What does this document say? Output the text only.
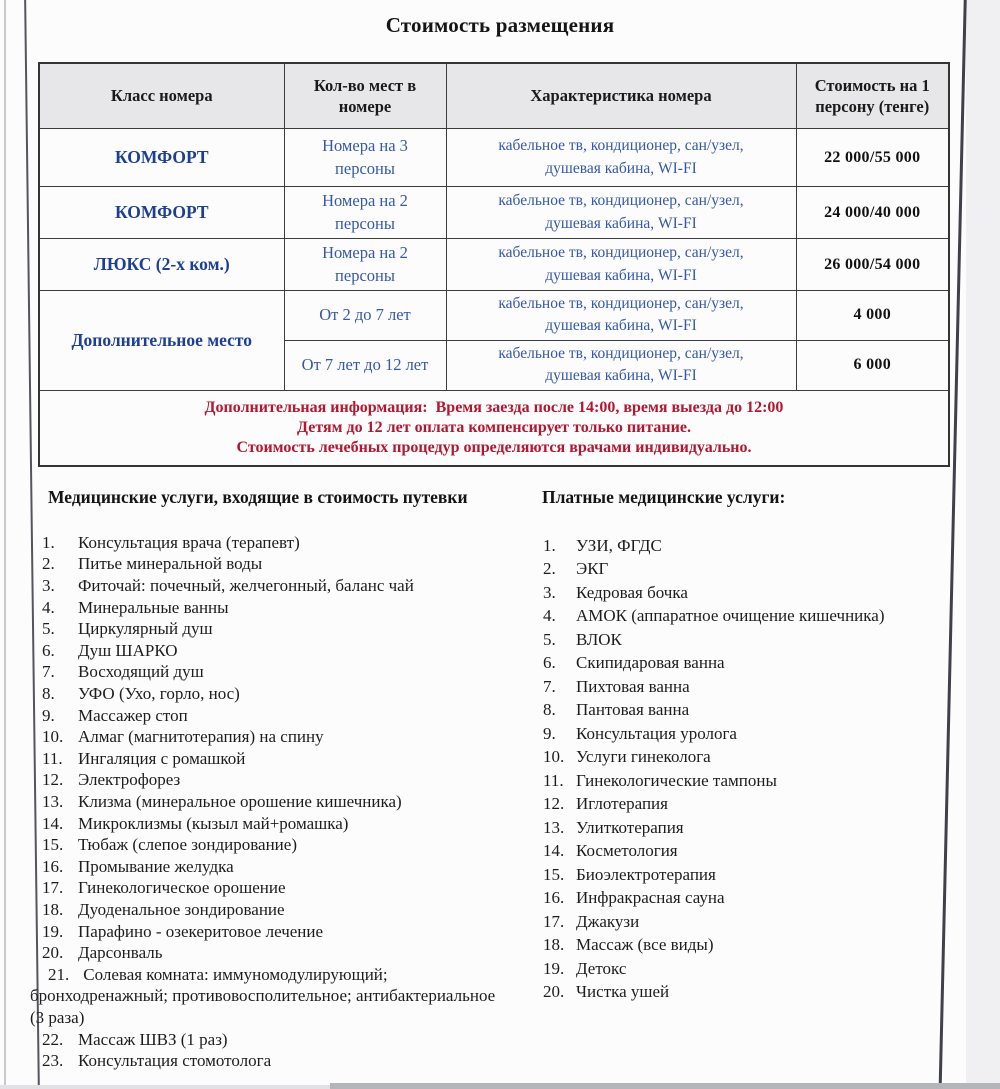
Стоимость размещения
Класс номера	Кол-во мест в номере	Характеристика номера	Стоимость на 1 персону (тенге)
КОМФОРТ	Номера на 3 персоны	кабельное тв, кондиционер, сан/узел, душевая кабина, WI-FI	22 000/55 000
КОМФОРТ	Номера на 2 персоны	кабельное тв, кондиционер, сан/узел, душевая кабина, WI-FI	24 000/40 000
ЛЮКС (2-х ком.)	Номера на 2 персоны	кабельное тв, кондиционер, сан/узел, душевая кабина, WI-FI	26 000/54 000
Дополнительное место	От 2 до 7 лет	кабельное тв, кондиционер, сан/узел, душевая кабина, WI-FI	4 000
	От 7 лет до 12 лет	кабельное тв, кондиционер, сан/узел, душевая кабина, WI-FI	6 000

Дополнительная информация: Время заезда после 14:00, время выезда до 12:00
Детям до 12 лет оплата компенсирует только питание.
Стоимость лечебных процедур определяются врачами индивидуально.			
Медицинские услуги, входящие в стоимость путевки
Консультация врача (терапевт)
Питье минеральной воды
Фиточай: почечный, желчегонный, баланс чай
Минеральные ванны
Циркулярный душ
Душ ШАРКО
Восходящий душ
УФО (Ухо, горло, нос)
Массажер стоп
Алмаг (магнитотерапия) на спину
Ингаляция с ромашкой
Электрофорез
Клизма (минеральное орошение кишечника)
Микроклизмы (кызыл май+ромашка)
Тюбаж (слепое зондирование)
Промывание желудка
Гинекологическое орошение
Дуоденальное зондирование
Парафино - озекеритовое лечение
Дарсонваль
Солевая комната: иммуномодулирующий; бронходренажный; противовосполительное; антибактериальное (3 раза)
Массаж ШВЗ (1 раз)
Консультация стомотолога
Платные медицинские услуги:
УЗИ, ФГДС
ЭКГ
Кедровая бочка
АМОК (аппаратное очищение кишечника)
ВЛОК
Скипидаровая ванна
Пихтовая ванна
Пантовая ванна
Консультация уролога
Услуги гинеколога
Гинекологические тампоны
Иглотерапия
Улиткотерапия
Косметология
Биоэлектротерапия
Инфракрасная сауна
Джакузи
Массаж (все виды)
Детокс
Чистка ушей
